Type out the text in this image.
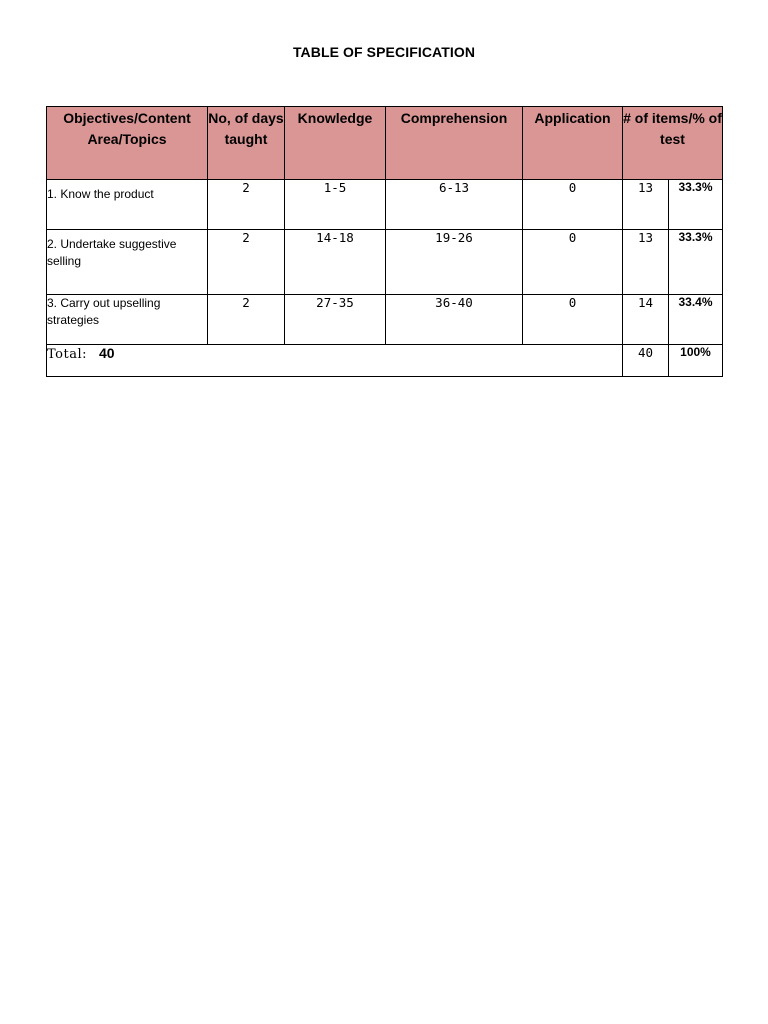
TABLE OF SPECIFICATION
Objectives/Content Area/Topics	No, of days taught	Knowledge	Comprehension	Application	# of items/% of test	

1. Know the product	2	1-5	6-13	0	13	33.3%

2. Undertake suggestive selling	2	14-18	19-26	0	13	33.3%

3. Carry out upselling strategies	2	27-35	36-40	0	14	33.4%
Total: 40					40	100%
